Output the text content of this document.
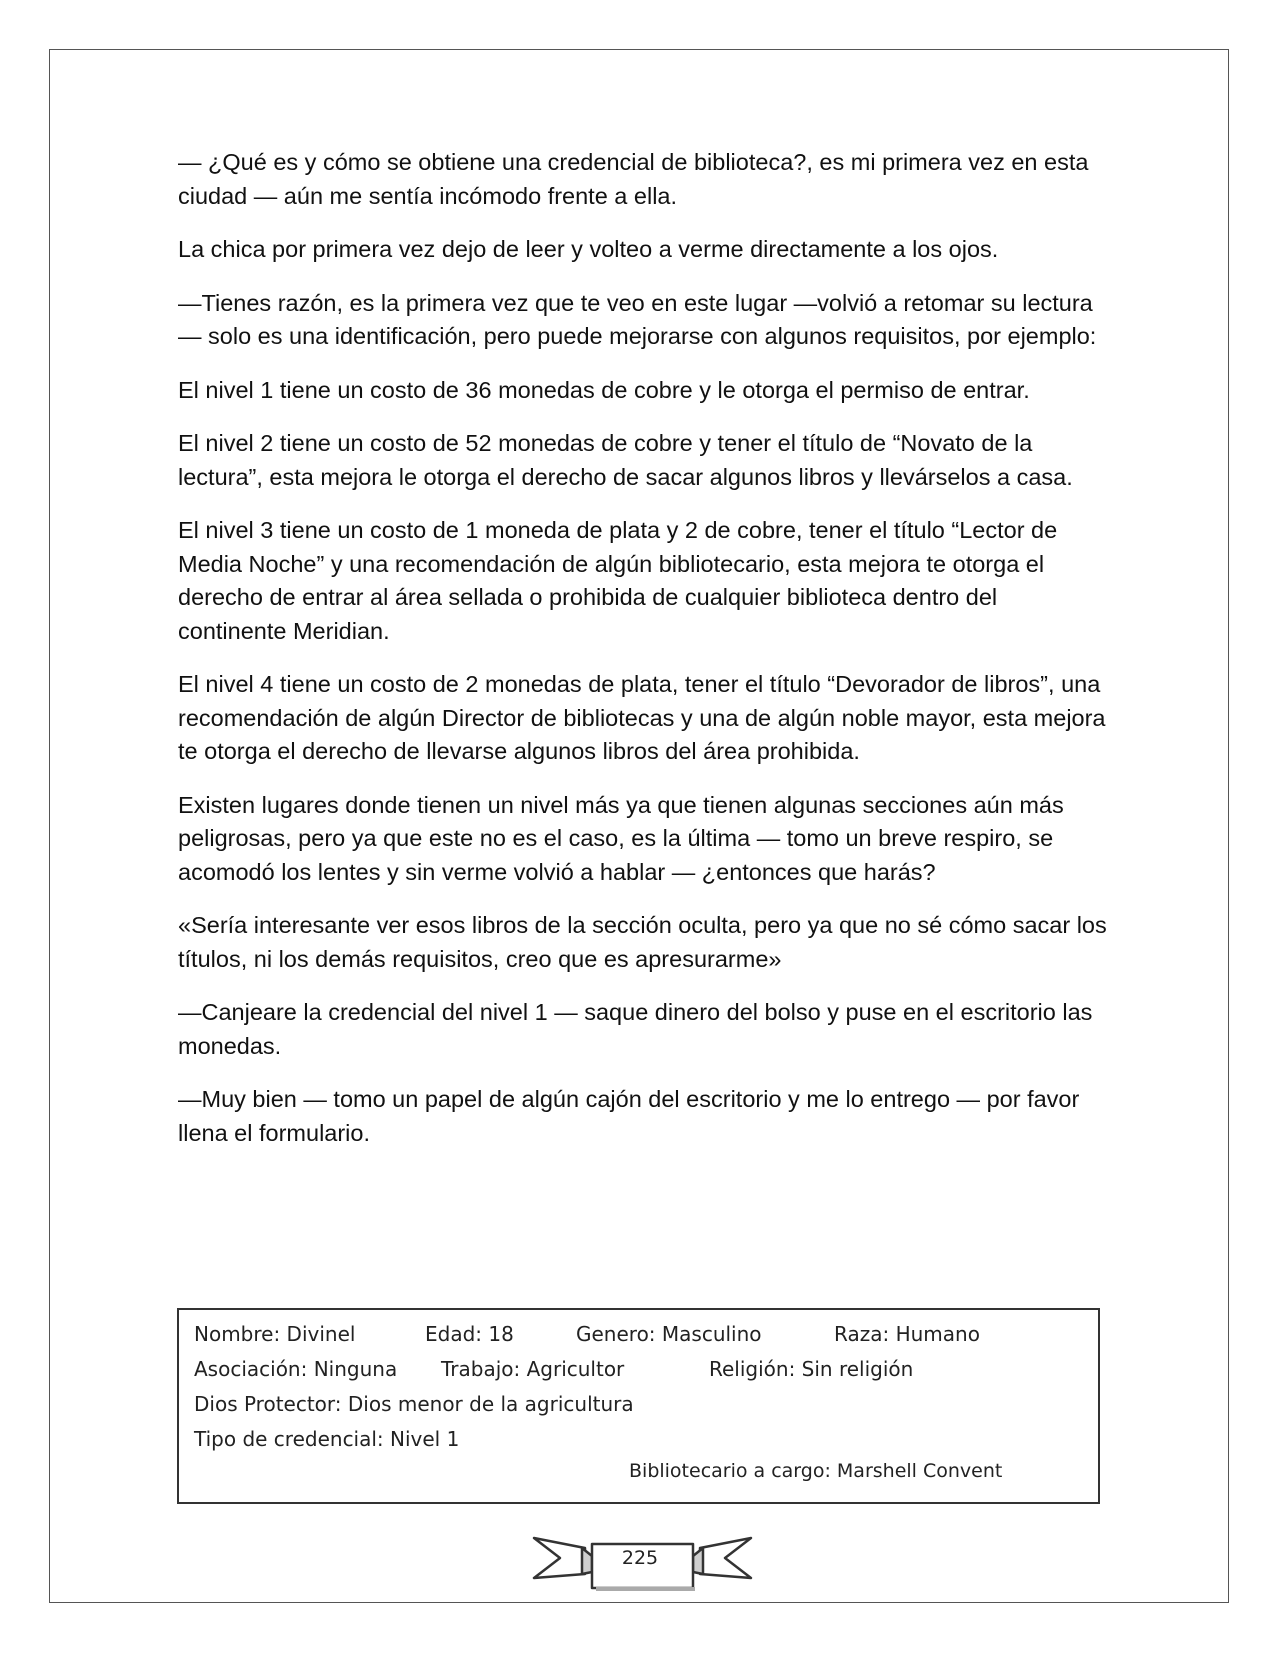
— ¿Qué es y cómo se obtiene una credencial de biblioteca?, es mi primera vez en esta ciudad — aún me sentía incómodo frente a ella.

La chica por primera vez dejo de leer y volteo a verme directamente a los ojos.

—Tienes razón, es la primera vez que te veo en este lugar —volvió a retomar su lectura — solo es una identificación, pero puede mejorarse con algunos requisitos, por ejemplo:

El nivel 1 tiene un costo de 36 monedas de cobre y le otorga el permiso de entrar.

El nivel 2 tiene un costo de 52 monedas de cobre y tener el título de “Novato de la lectura”, esta mejora le otorga el derecho de sacar algunos libros y llevárselos a casa.

El nivel 3 tiene un costo de 1 moneda de plata y 2 de cobre, tener el título “Lector de Media Noche” y una recomendación de algún bibliotecario, esta mejora te otorga el derecho de entrar al área sellada o prohibida de cualquier biblioteca dentro del continente Meridian.

El nivel 4 tiene un costo de 2 monedas de plata, tener el título “Devorador de libros”, una recomendación de algún Director de bibliotecas y una de algún noble mayor, esta mejora te otorga el derecho de llevarse algunos libros del área prohibida.

Existen lugares donde tienen un nivel más ya que tienen algunas secciones aún más peligrosas, pero ya que este no es el caso, es la última — tomo un breve respiro, se acomodó los lentes y sin verme volvió a hablar — ¿entonces que harás?

«Sería interesante ver esos libros de la sección oculta, pero ya que no sé cómo sacar los títulos, ni los demás requisitos, creo que es apresurarme»

—Canjeare la credencial del nivel 1 — saque dinero del bolso y puse en el escritorio las monedas.

—Muy bien — tomo un papel de algún cajón del escritorio y me lo entrego — por favor llena el formulario.

Nombre: Divinel	Edad: 18	Genero: Masculino	Raza: Humano
Asociación: Ninguna Trabajo: Agricultor	Religión: Sin religión
Dios Protector: Dios menor de la agricultura
Tipo de credencial: Nivel 1
Bibliotecario a cargo: Marshell Convent
225
